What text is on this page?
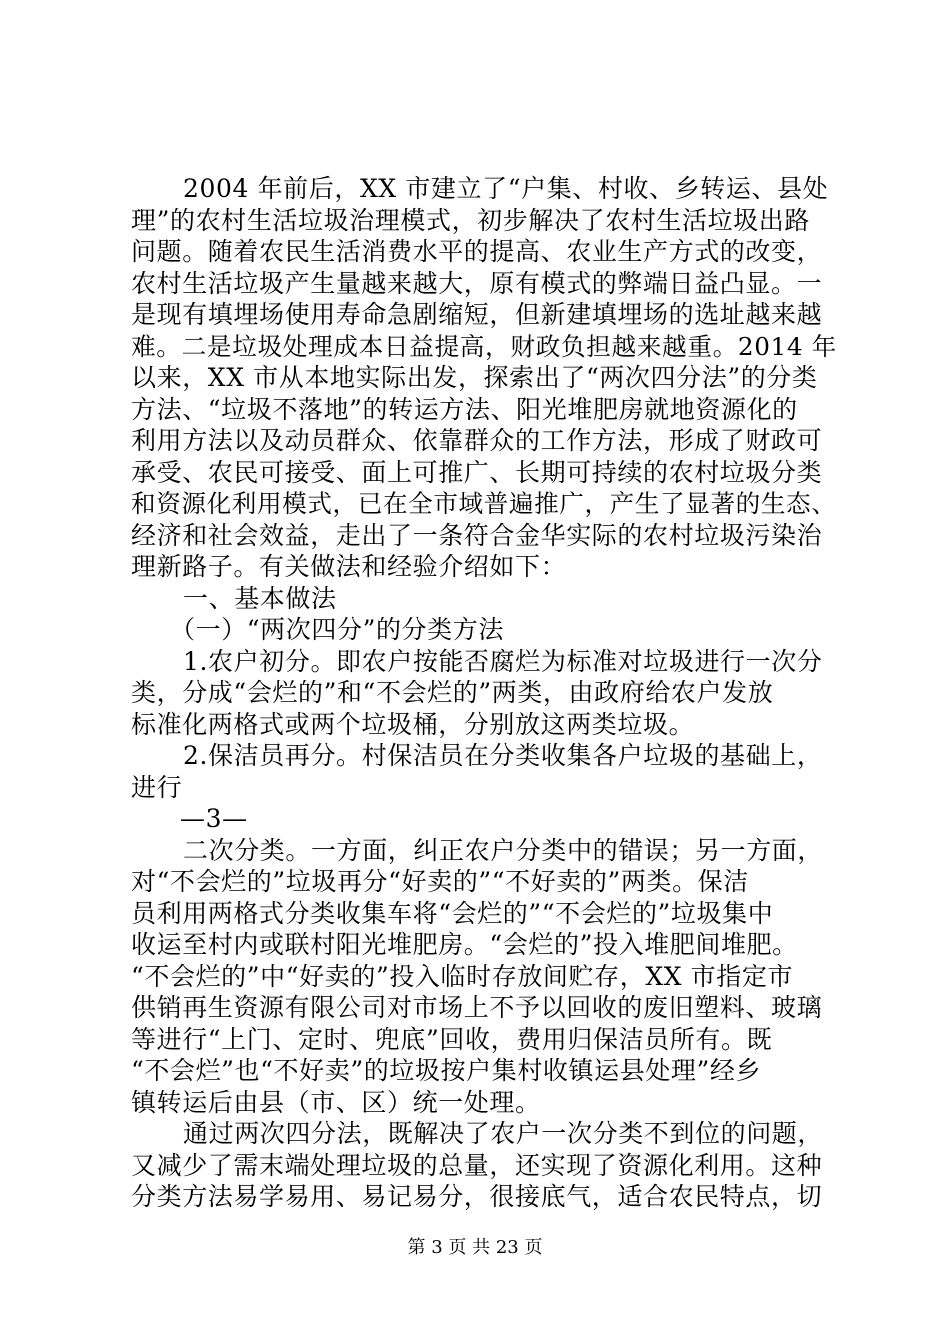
2004 年前后，XX 市建立了“户集、村收、乡转运、县处
理”的农村生活垃圾治理模式，初步解决了农村生活垃圾出路
问题。随着农民生活消费水平的提高、农业生产方式的改变，
农村生活垃圾产生量越来越大，原有模式的弊端日益凸显。一
是现有填埋场使用寿命急剧缩短，但新建填埋场的选址越来越
难。二是垃圾处理成本日益提高，财政负担越来越重。2014 年
以来，XX 市从本地实际出发，探索出了“两次四分法”的分类
方法、“垃圾不落地”的转运方法、阳光堆肥房就地资源化的
利用方法以及动员群众、依靠群众的工作方法，形成了财政可
承受、农民可接受、面上可推广、长期可持续的农村垃圾分类
和资源化利用模式，已在全市域普遍推广，产生了显著的生态、
经济和社会效益，走出了一条符合金华实际的农村垃圾污染治
理新路子。有关做法和经验介绍如下：
一、基本做法
（一）“两次四分”的分类方法
1.农户初分。即农户按能否腐烂为标准对垃圾进行一次分
类，分成“会烂的”和“不会烂的”两类，由政府给农户发放
标准化两格式或两个垃圾桶，分别放这两类垃圾。
2.保洁员再分。村保洁员在分类收集各户垃圾的基础上，
进行
—3—
二次分类。一方面，纠正农户分类中的错误；另一方面，
对“不会烂的”垃圾再分“好卖的”“不好卖的”两类。保洁
员利用两格式分类收集车将“会烂的”“不会烂的”垃圾集中
收运至村内或联村阳光堆肥房。“会烂的”投入堆肥间堆肥。
“不会烂的”中“好卖的”投入临时存放间贮存，XX 市指定市
供销再生资源有限公司对市场上不予以回收的废旧塑料、玻璃
等进行“上门、定时、兜底”回收，费用归保洁员所有。既
“不会烂”也“不好卖”的垃圾按户集村收镇运县处理”经乡
镇转运后由县（市、区）统一处理。
通过两次四分法，既解决了农户一次分类不到位的问题，
又减少了需末端处理垃圾的总量，还实现了资源化利用。这种
分类方法易学易用、易记易分，很接底气，适合农民特点，切
第 3 页 共 23 页
